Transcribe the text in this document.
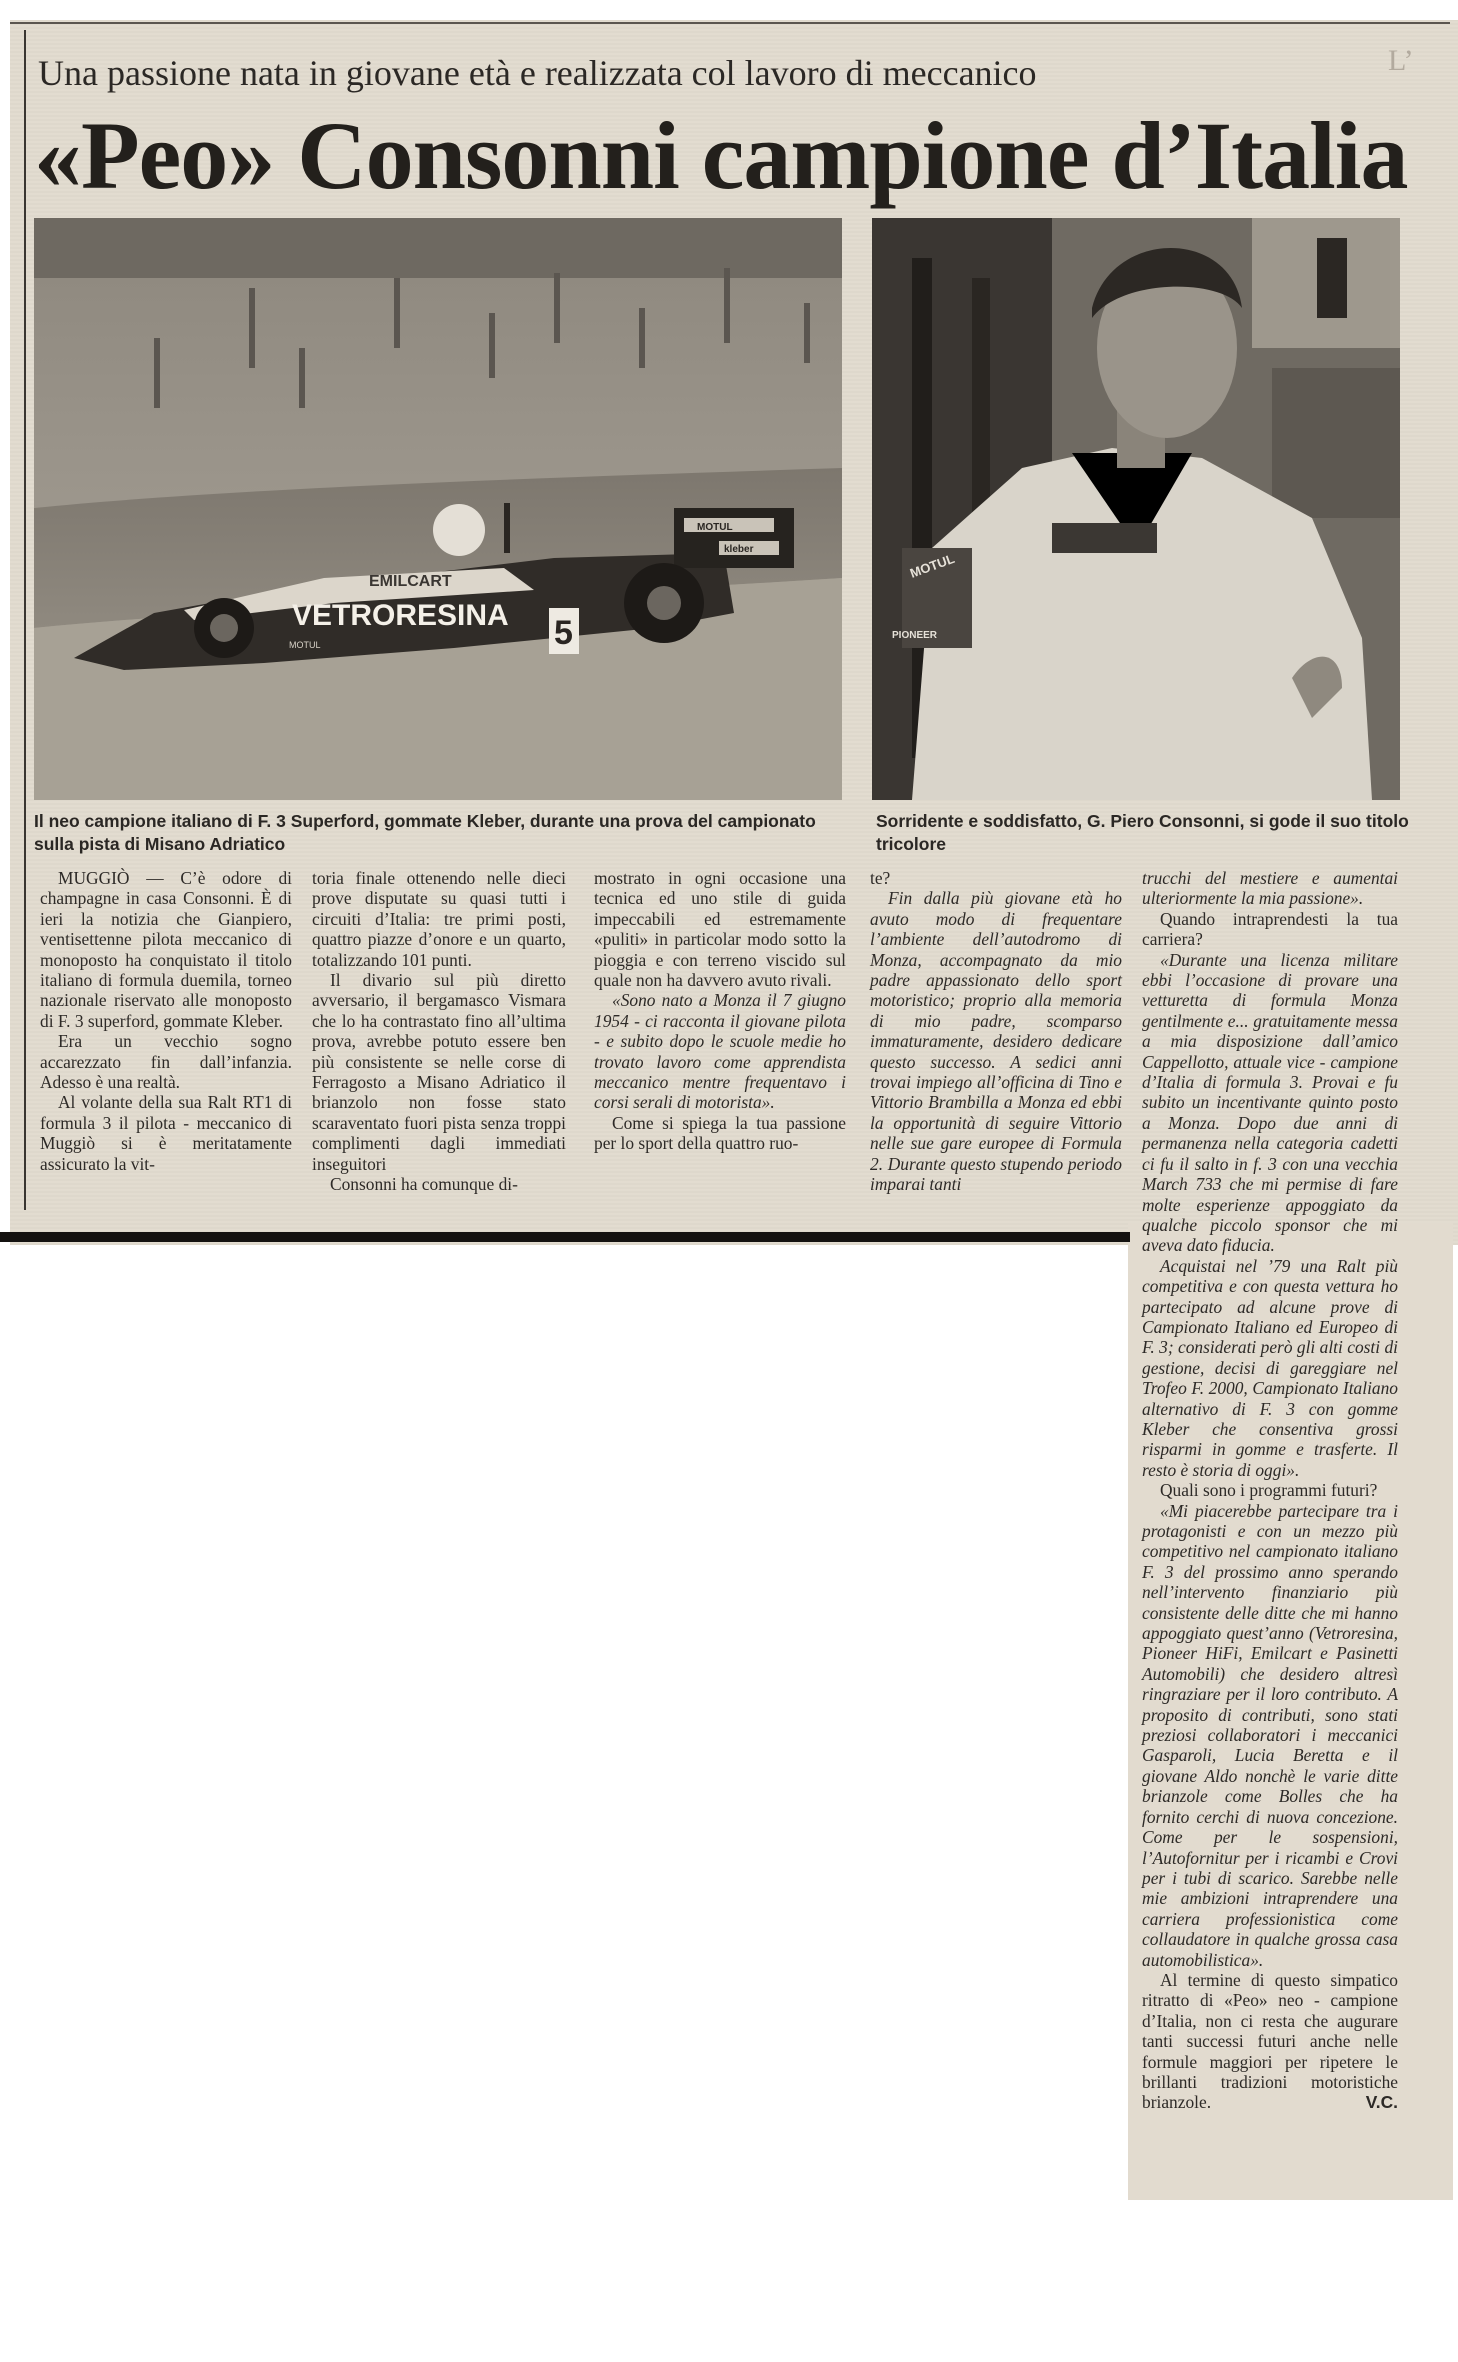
L’
Una passione nata in giovane età e realizzata col lavoro di meccanico
«Peo» Consonni campione d’Italia
VETRORESINA
EMILCART
5
MOTUL
MOTUL
kleber
MOTUL
PIONEER
Il neo campione italiano di F. 3 Superford, gommate Kleber, durante una prova del campionato sulla pista di Misano Adriatico
Sorridente e soddisfatto, G. Piero Consonni, si gode il suo titolo tricolore

MUGGIÒ — C’è odore di champagne in casa Consonni. È di ieri la notizia che Gianpiero, ventisettenne pilota meccanico di monoposto ha conquistato il titolo italiano di formula duemila, torneo nazionale riservato alle monoposto di F. 3 superford, gommate Kleber.

Era un vecchio sogno accarezzato fin dall’infanzia. Adesso è una realtà.

Al volante della sua Ralt RT1 di formula 3 il pilota - meccanico di Muggiò si è meritatamente assicurato la vit-

toria finale ottenendo nelle dieci prove disputate su quasi tutti i circuiti d’Italia: tre primi posti, quattro piazze d’onore e un quarto, totalizzando 101 punti.

Il divario sul più diretto avversario, il bergamasco Vismara che lo ha contrastato fino all’ultima prova, avrebbe potuto essere ben più consistente se nelle corse di Ferragosto a Misano Adriatico il brianzolo non fosse stato scaraventato fuori pista senza troppi complimenti dagli immediati inseguitori

Consonni ha comunque di-

mostrato in ogni occasione una tecnica ed uno stile di guida impeccabili ed estremamente «puliti» in particolar modo sotto la pioggia e con terreno viscido sul quale non ha davvero avuto rivali.

«Sono nato a Monza il 7 giugno 1954 - ci racconta il giovane pilota - e subito dopo le scuole medie ho trovato lavoro come apprendista meccanico mentre frequentavo i corsi serali di motorista».

Come si spiega la tua passione per lo sport della quattro ruo-

te?

Fin dalla più giovane età ho avuto modo di frequentare l’ambiente dell’autodromo di Monza, accompagnato da mio padre appassionato dello sport motoristico; proprio alla memoria di mio padre, scomparso immaturamente, desidero dedicare questo successo. A sedici anni trovai impiego all’officina di Tino e Vittorio Brambilla a Monza ed ebbi la opportunità di seguire Vittorio nelle sue gare europee di Formula 2. Durante questo stupendo periodo imparai tanti

trucchi del mestiere e aumentai ulteriormente la mia passione».

Quando intraprendesti la tua carriera?

«Durante una licenza militare ebbi l’occasione di provare una vetturetta di formula Monza gentilmente e... gratuitamente messa a mia disposizione dall’amico Cappellotto, attuale vice - campione d’Italia di formula 3. Provai e fu subito un incentivante quinto posto a Monza. Dopo due anni di permanenza nella categoria cadetti ci fu il salto in f. 3 con una vecchia March 733 che mi permise di fare molte esperienze appoggiato da qualche piccolo sponsor che mi aveva dato fiducia.

Acquistai nel ’79 una Ralt più competitiva e con questa vettura ho partecipato ad alcune prove di Campionato Italiano ed Europeo di F. 3; considerati però gli alti costi di gestione, decisi di gareggiare nel Trofeo F. 2000, Campionato Italiano alternativo di F. 3 con gomme Kleber che consentiva grossi risparmi in gomme e trasferte. Il resto è storia di oggi».

Quali sono i programmi futuri?

«Mi piacerebbe partecipare tra i protagonisti e con un mezzo più competitivo nel campionato italiano F. 3 del prossimo anno sperando nell’intervento finanziario più consistente delle ditte che mi hanno appoggiato quest’anno (Vetroresina, Pioneer HiFi, Emilcart e Pasinetti Automobili) che desidero altresì ringraziare per il loro contributo. A proposito di contributi, sono stati preziosi collaboratori i meccanici Gasparoli, Lucia Beretta e il giovane Aldo nonchè le varie ditte brianzole come Bolles che ha fornito cerchi di nuova concezione. Come per le sospensioni, l’Autofornitur per i ricambi e Crovi per i tubi di scarico. Sarebbe nelle mie ambizioni intraprendere una carriera professionistica come collaudatore in qualche grossa casa automobilistica».

Al termine di questo simpatico ritratto di «Peo» neo - campione d’Italia, non ci resta che augurare tanti successi futuri anche nelle formule maggiori per ripetere le brillanti tradizioni motoristiche brianzole.	V.C.
